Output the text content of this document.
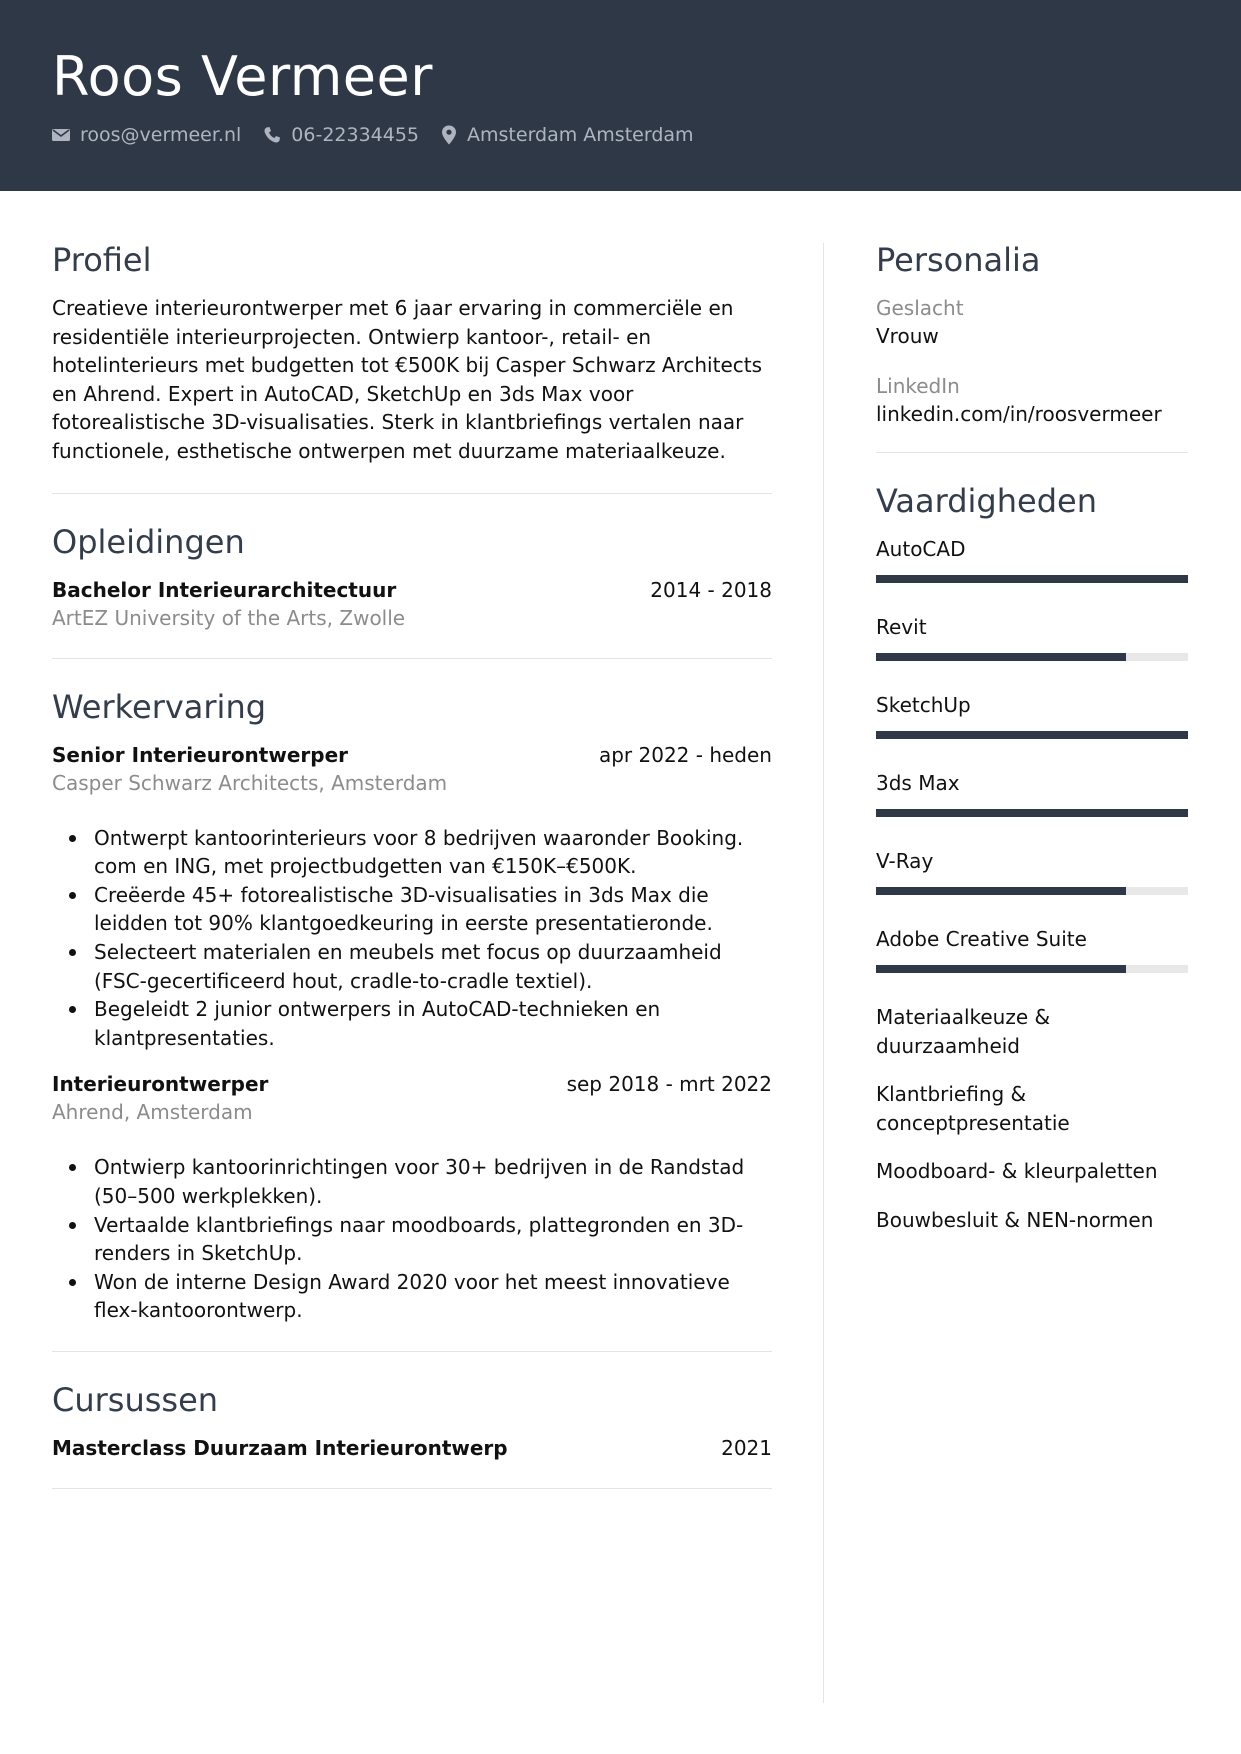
Roos Vermeer
roos@vermeer.nl	06-22334455	Amsterdam Amsterdam
Profiel
Creatieve interieurontwerper met 6 jaar ervaring in commerciële en residentiële interieurprojecten. Ontwierp kantoor-, retail- en hotelinterieurs met budgetten tot €500K bij Casper Schwarz Architects en Ahrend. Expert in AutoCAD, SketchUp en 3ds Max voor fotorealistische 3D-visualisaties. Sterk in klantbriefings vertalen naar functionele, esthetische ontwerpen met duurzame materiaalkeuze.
Opleidingen
Bachelor Interieurarchitectuur	2014 - 2018
ArtEZ University of the Arts, Zwolle
Werkervaring
Senior Interieurontwerper	apr 2022 - heden
Casper Schwarz Architects, Amsterdam
Ontwerpt kantoorinterieurs voor 8 bedrijven waaronder Booking. com en ING, met projectbudgetten van €150K–€500K.
Creëerde 45+ fotorealistische 3D-visualisaties in 3ds Max die leidden tot 90% klantgoedkeuring in eerste presentatieronde.
Selecteert materialen en meubels met focus op duurzaamheid (FSC-gecertificeerd hout, cradle-to-cradle textiel).
Begeleidt 2 junior ontwerpers in AutoCAD-technieken en klantpresentaties.
Interieurontwerper	sep 2018 - mrt 2022
Ahrend, Amsterdam
Ontwierp kantoorinrichtingen voor 30+ bedrijven in de Randstad (50–500 werkplekken).
Vertaalde klantbriefings naar moodboards, plattegronden en 3D-renders in SketchUp.
Won de interne Design Award 2020 voor het meest innovatieve flex-kantoorontwerp.
Cursussen
Masterclass Duurzaam Interieurontwerp	2021
Personalia
Geslacht
Vrouw
LinkedIn
linkedin.com/in/roosvermeer
Vaardigheden
AutoCAD
Revit
SketchUp
3ds Max
V-Ray
Adobe Creative Suite
Materiaalkeuze & duurzaamheid
Klantbriefing & conceptpresentatie
Moodboard- & kleurpaletten
Bouwbesluit & NEN-normen
